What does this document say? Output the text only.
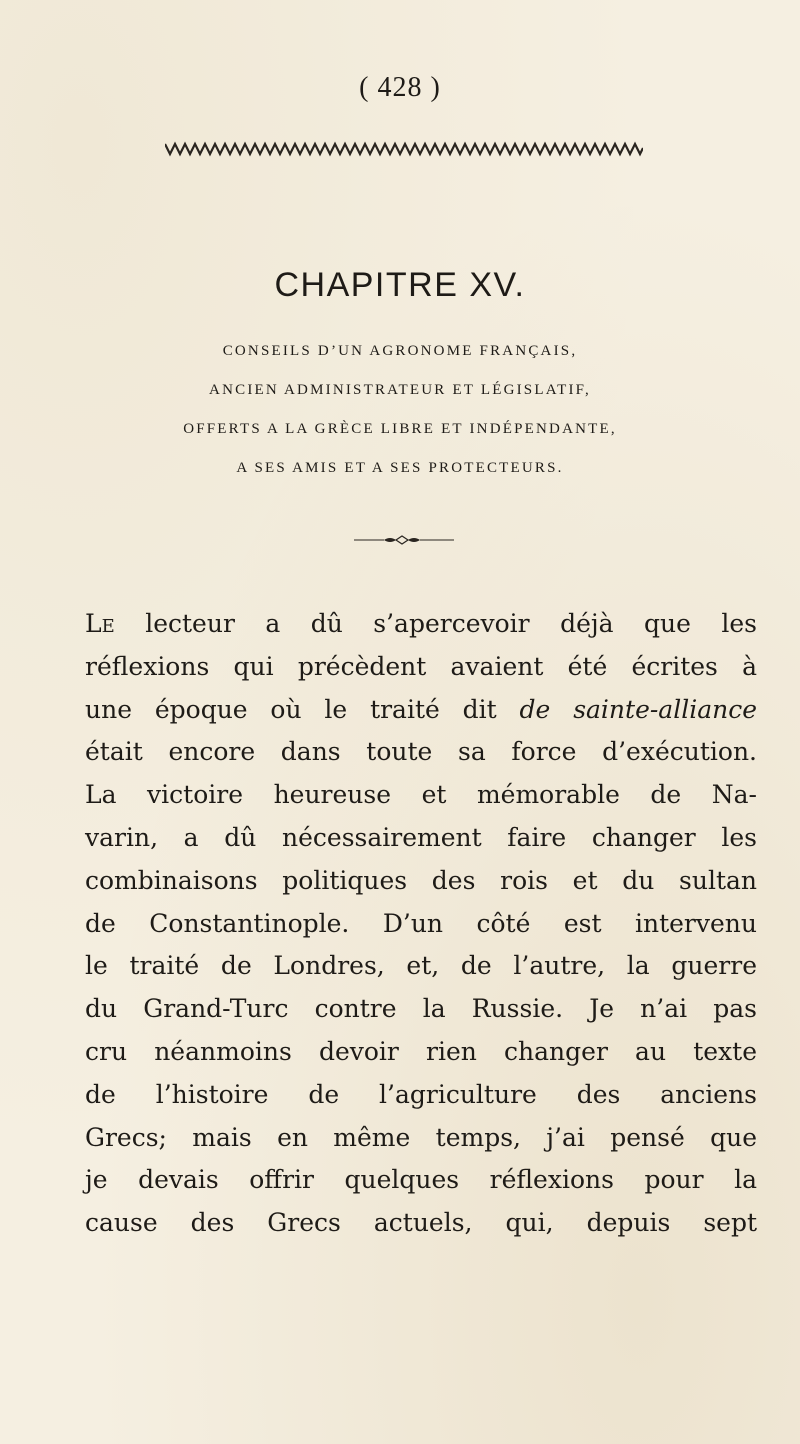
( 428 )
CHAPITRE XV.
CONSEILS D’UN AGRONOME FRANÇAIS,
ANCIEN ADMINISTRATEUR ET LÉGISLATIF,
OFFERTS A LA GRÈCE LIBRE ET INDÉPENDANTE,
A SES AMIS ET A SES PROTECTEURS.
Le lecteur a dû s’apercevoir déjà que les
réflexions qui précèdent avaient été écrites à
une époque où le traité dit de sainte-alliance
était encore dans toute sa force d’exécution.
La victoire heureuse et mémorable de Na-
varin, a dû nécessairement faire changer les
combinaisons politiques des rois et du sultan
de Constantinople. D’un côté est intervenu
le traité de Londres, et, de l’autre, la guerre
du Grand-Turc contre la Russie. Je n’ai pas
cru néanmoins devoir rien changer au texte
de l’histoire de l’agriculture des anciens
Grecs; mais en même temps, j’ai pensé que
je devais offrir quelques réflexions pour la
cause des Grecs actuels, qui, depuis sept
